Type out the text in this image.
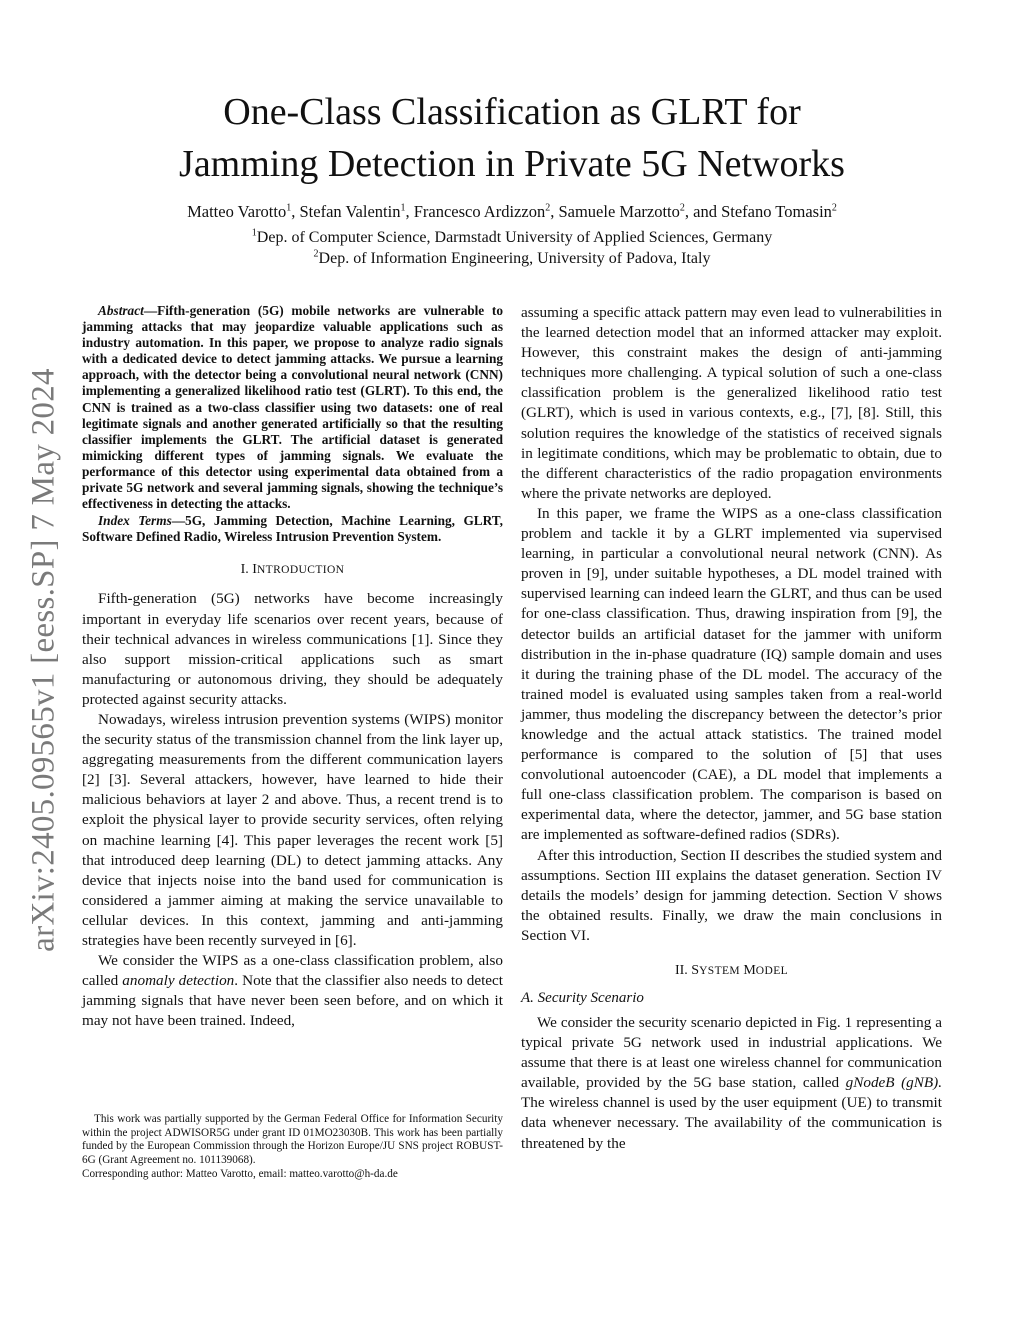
arXiv:2405.09565v1 [eess.SP] 7 May 2024
One-Class Classification as GLRT for
Jamming Detection in Private 5G Networks
Matteo Varotto$^1$, Stefan Valentin$^1$, Francesco Ardizzon$^2$, Samuele Marzotto$^2$, and Stefano Tomasin$^2$
$^1$Dep. of Computer Science, Darmstadt University of Applied Sciences, Germany
$^2$Dep. of Information Engineering, University of Padova, Italy

Abstract—Fifth-generation (5G) mobile networks are vulnerable to jamming attacks that may jeopardize valuable applications such as industry automation. In this paper, we propose to analyze radio signals with a dedicated device to detect jamming attacks. We pursue a learning approach, with the detector being a convolutional neural network (CNN) implementing a generalized likelihood ratio test (GLRT). To this end, the CNN is trained as a two-class classifier using two datasets: one of real legitimate signals and another generated artificially so that the resulting classifier implements the GLRT. The artificial dataset is generated mimicking different types of jamming signals. We evaluate the performance of this detector using experimental data obtained from a private 5G network and several jamming signals, showing the technique’s effectiveness in detecting the attacks.

Index Terms—5G, Jamming Detection, Machine Learning, GLRT, Software Defined Radio, Wireless Intrusion Prevention System.

I. INTRODUCTION

Fifth-generation (5G) networks have become increasingly important in everyday life scenarios over recent years, because of their technical advances in wireless communications [1]. Since they also support mission-critical applications such as smart manufacturing or autonomous driving, they should be adequately protected against security attacks.

Nowadays, wireless intrusion prevention systems (WIPS) monitor the security status of the transmission channel from the link layer up, aggregating measurements from the different communication layers [2] [3]. Several attackers, however, have learned to hide their malicious behaviors at layer 2 and above. Thus, a recent trend is to exploit the physical layer to provide security services, often relying on machine learning [4]. This paper leverages the recent work [5] that introduced deep learning (DL) to detect jamming attacks. Any device that injects noise into the band used for communication is considered a jammer aiming at making the service unavailable to cellular devices. In this context, jamming and anti-jamming strategies have been recently surveyed in [6].

We consider the WIPS as a one-class classification problem, also called anomaly detection. Note that the classifier also needs to detect jamming signals that have never been seen before, and on which it may not have been trained. Indeed,

This work was partially supported by the German Federal Office for Information Security within the project ADWISOR5G under grant ID 01MO23030B. This work has been partially funded by the European Commission through the Horizon Europe/JU SNS project ROBUST-6G (Grant Agreement no. 101139068).

Corresponding author: Matteo Varotto, email: matteo.varotto@h-da.de

assuming a specific attack pattern may even lead to vulnerabilities in the learned detection model that an informed attacker may exploit. However, this constraint makes the design of anti-jamming techniques more challenging. A typical solution of such a one-class classification problem is the generalized likelihood ratio test (GLRT), which is used in various contexts, e.g., [7], [8]. Still, this solution requires the knowledge of the statistics of received signals in legitimate conditions, which may be problematic to obtain, due to the different characteristics of the radio propagation environments where the private networks are deployed.

In this paper, we frame the WIPS as a one-class classification problem and tackle it by a GLRT implemented via supervised learning, in particular a convolutional neural network (CNN). As proven in [9], under suitable hypotheses, a DL model trained with supervised learning can indeed learn the GLRT, and thus can be used for one-class classification. Thus, drawing inspiration from [9], the detector builds an artificial dataset for the jammer with uniform distribution in the in-phase quadrature (IQ) sample domain and uses it during the training phase of the DL model. The accuracy of the trained model is evaluated using samples taken from a real-world jammer, thus modeling the discrepancy between the detector’s prior knowledge and the actual attack statistics. The trained model performance is compared to the solution of [5] that uses convolutional autoencoder (CAE), a DL model that implements a full one-class classification problem. The comparison is based on experimental data, where the detector, jammer, and 5G base station are implemented as software-defined radios (SDRs).

After this introduction, Section II describes the studied system and assumptions. Section III explains the dataset generation. Section IV details the models’ design for jamming detection. Section V shows the obtained results. Finally, we draw the main conclusions in Section VI.

II. SYSTEM MODEL
A. Security Scenario

We consider the security scenario depicted in Fig. 1 representing a typical private 5G network used in industrial applications. We assume that there is at least one wireless channel for communication available, provided by the 5G base station, called gNodeB (gNB). The wireless channel is used by the user equipment (UE) to transmit data whenever necessary. The availability of the communication is threatened by the
